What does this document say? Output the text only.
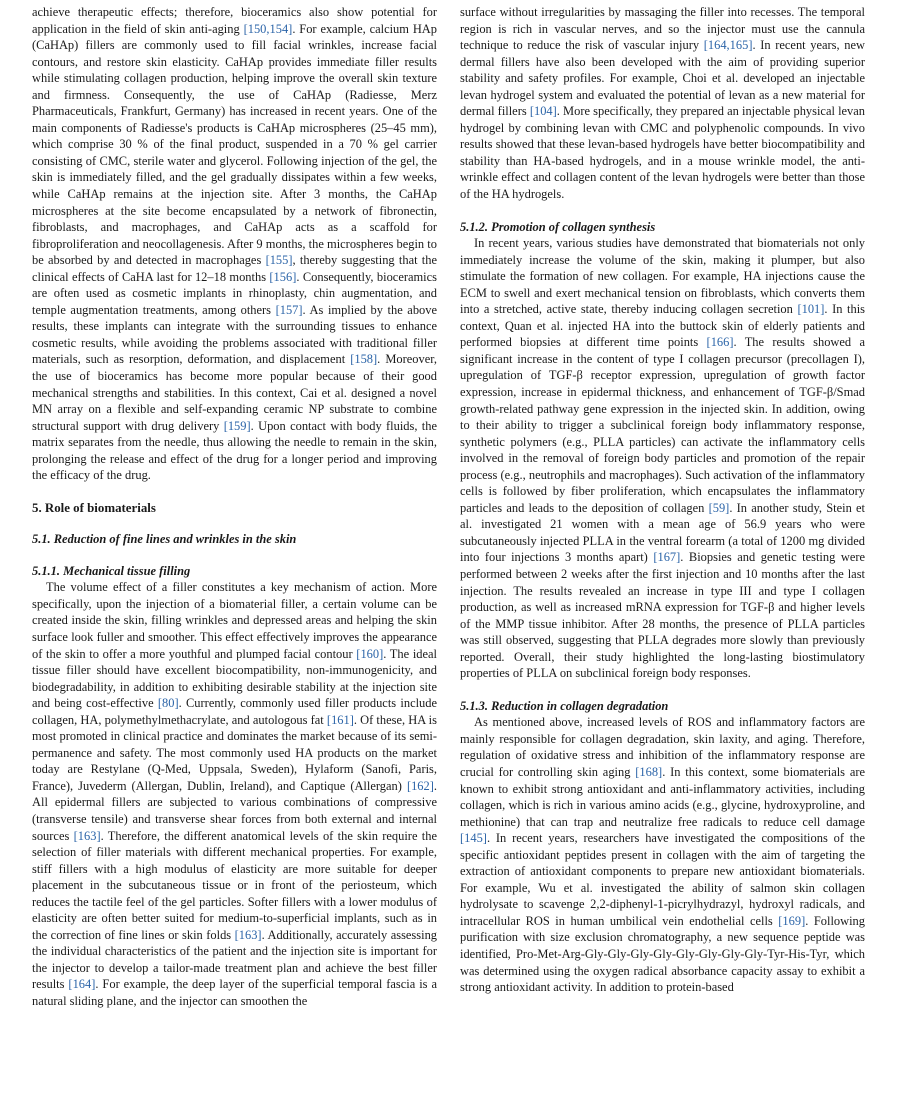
achieve therapeutic effects; therefore, bioceramics also show potential for application in the field of skin anti-aging [150,154]. For example, calcium HAp (CaHAp) fillers are commonly used to fill facial wrinkles, increase facial contours, and restore skin elasticity. CaHAp provides immediate filler results while stimulating collagen production, helping improve the overall skin texture and firmness. Consequently, the use of CaHAp (Radiesse, Merz Pharmaceuticals, Frankfurt, Germany) has increased in recent years. One of the main components of Radiesse's products is CaHAp microspheres (25–45 mm), which comprise 30 % of the final product, suspended in a 70 % gel carrier consisting of CMC, sterile water and glycerol. Following injection of the gel, the skin is immediately filled, and the gel gradually dissipates within a few weeks, while CaHAp remains at the injection site. After 3 months, the CaHAp microspheres at the site become encapsulated by a network of fibronectin, fibroblasts, and macrophages, and CaHAp acts as a scaffold for fibroproliferation and neocollagenesis. After 9 months, the microspheres begin to be absorbed by and detected in macrophages [155], thereby suggesting that the clinical effects of CaHA last for 12–18 months [156]. Consequently, bioceramics are often used as cosmetic implants in rhinoplasty, chin augmentation, and temple augmentation treatments, among others [157]. As implied by the above results, these implants can integrate with the surrounding tissues to enhance cosmetic results, while avoiding the problems associated with traditional filler materials, such as resorption, deformation, and displacement [158]. Moreover, the use of bioceramics has become more popular because of their good mechanical strengths and stabilities. In this context, Cai et al. designed a novel MN array on a flexible and self-expanding ceramic NP substrate to combine structural support with drug delivery [159]. Upon contact with body fluids, the matrix separates from the needle, thus allowing the needle to remain in the skin, prolonging the release and effect of the drug for a longer period and improving the efficacy of the drug.

5. Role of biomaterials
5.1. Reduction of fine lines and wrinkles in the skin
5.1.1. Mechanical tissue filling

The volume effect of a filler constitutes a key mechanism of action. More specifically, upon the injection of a biomaterial filler, a certain volume can be created inside the skin, filling wrinkles and depressed areas and helping the skin surface look fuller and smoother. This effect effectively improves the appearance of the skin to offer a more youthful and plumped facial contour [160]. The ideal tissue filler should have excellent biocompatibility, non-immunogenicity, and biodegradability, in addition to exhibiting desirable stability at the injection site and being cost-effective [80]. Currently, commonly used filler products include collagen, HA, polymethylmethacrylate, and autologous fat [161]. Of these, HA is most promoted in clinical practice and dominates the market because of its semi-permanence and safety. The most commonly used HA products on the market today are Restylane (Q-Med, Uppsala, Sweden), Hylaform (Sanofi, Paris, France), Juvederm (Allergan, Dublin, Ireland), and Captique (Allergan) [162]. All epidermal fillers are subjected to various combinations of compressive (transverse tensile) and transverse shear forces from both external and internal sources [163]. Therefore, the different anatomical levels of the skin require the selection of filler materials with different mechanical properties. For example, stiff fillers with a high modulus of elasticity are more suitable for deeper placement in the subcutaneous tissue or in front of the periosteum, which reduces the tactile feel of the gel particles. Softer fillers with a lower modulus of elasticity are often better suited for medium-to-superficial implants, such as in the correction of fine lines or skin folds [163]. Additionally, accurately assessing the individual characteristics of the patient and the injection site is important for the injector to develop a tailor-made treatment plan and achieve the best filler results [164]. For example, the deep layer of the superficial temporal fascia is a natural sliding plane, and the injector can smoothen the

surface without irregularities by massaging the filler into recesses. The temporal region is rich in vascular nerves, and so the injector must use the cannula technique to reduce the risk of vascular injury [164,165]. In recent years, new dermal fillers have also been developed with the aim of providing superior stability and safety profiles. For example, Choi et al. developed an injectable levan hydrogel system and evaluated the potential of levan as a new material for dermal fillers [104]. More specifically, they prepared an injectable physical levan hydrogel by combining levan with CMC and polyphenolic compounds. In vivo results showed that these levan-based hydrogels have better biocompatibility and stability than HA-based hydrogels, and in a mouse wrinkle model, the anti-wrinkle effect and collagen content of the levan hydrogels were better than those of the HA hydrogels.

5.1.2. Promotion of collagen synthesis

In recent years, various studies have demonstrated that biomaterials not only immediately increase the volume of the skin, making it plumper, but also stimulate the formation of new collagen. For example, HA injections cause the ECM to swell and exert mechanical tension on fibroblasts, which converts them into a stretched, active state, thereby inducing collagen secretion [101]. In this context, Quan et al. injected HA into the buttock skin of elderly patients and performed biopsies at different time points [166]. The results showed a significant increase in the content of type I collagen precursor (precollagen I), upregulation of TGF-β receptor expression, upregulation of growth factor expression, increase in epidermal thickness, and enhancement of TGF-β/Smad growth-related pathway gene expression in the injected skin. In addition, owing to their ability to trigger a subclinical foreign body inflammatory response, synthetic polymers (e.g., PLLA particles) can activate the inflammatory cells involved in the removal of foreign body particles and promotion of the repair process (e.g., neutrophils and macrophages). Such activation of the inflammatory cells is followed by fiber proliferation, which encapsulates the inflammatory particles and leads to the deposition of collagen [59]. In another study, Stein et al. investigated 21 women with a mean age of 56.9 years who were subcutaneously injected PLLA in the ventral forearm (a total of 1200 mg divided into four injections 3 months apart) [167]. Biopsies and genetic testing were performed between 2 weeks after the first injection and 10 months after the last injection. The results revealed an increase in type III and type I collagen production, as well as increased mRNA expression for TGF-β and higher levels of the MMP tissue inhibitor. After 28 months, the presence of PLLA particles was still observed, suggesting that PLLA degrades more slowly than previously reported. Overall, their study highlighted the long-lasting biostimulatory properties of PLLA on subclinical foreign body responses.

5.1.3. Reduction in collagen degradation

As mentioned above, increased levels of ROS and inflammatory factors are mainly responsible for collagen degradation, skin laxity, and aging. Therefore, regulation of oxidative stress and inhibition of the inflammatory response are crucial for controlling skin aging [168]. In this context, some biomaterials are known to exhibit strong antioxidant and anti-inflammatory activities, including collagen, which is rich in various amino acids (e.g., glycine, hydroxyproline, and methionine) that can trap and neutralize free radicals to reduce cell damage [145]. In recent years, researchers have investigated the compositions of the specific antioxidant peptides present in collagen with the aim of targeting the extraction of antioxidant components to prepare new antioxidant biomaterials. For example, Wu et al. investigated the ability of salmon skin collagen hydrolysate to scavenge 2,2-diphenyl-1-picrylhydrazyl, hydroxyl radicals, and intracellular ROS in human umbilical vein endothelial cells [169]. Following purification with size exclusion chromatography, a new sequence peptide was identified, Pro-Met-Arg-Gly-Gly-Gly-Gly-Gly-Gly-Gly-Gly-Tyr-His-Tyr, which was determined using the oxygen radical absorbance capacity assay to exhibit a strong antioxidant activity. In addition to protein-based
